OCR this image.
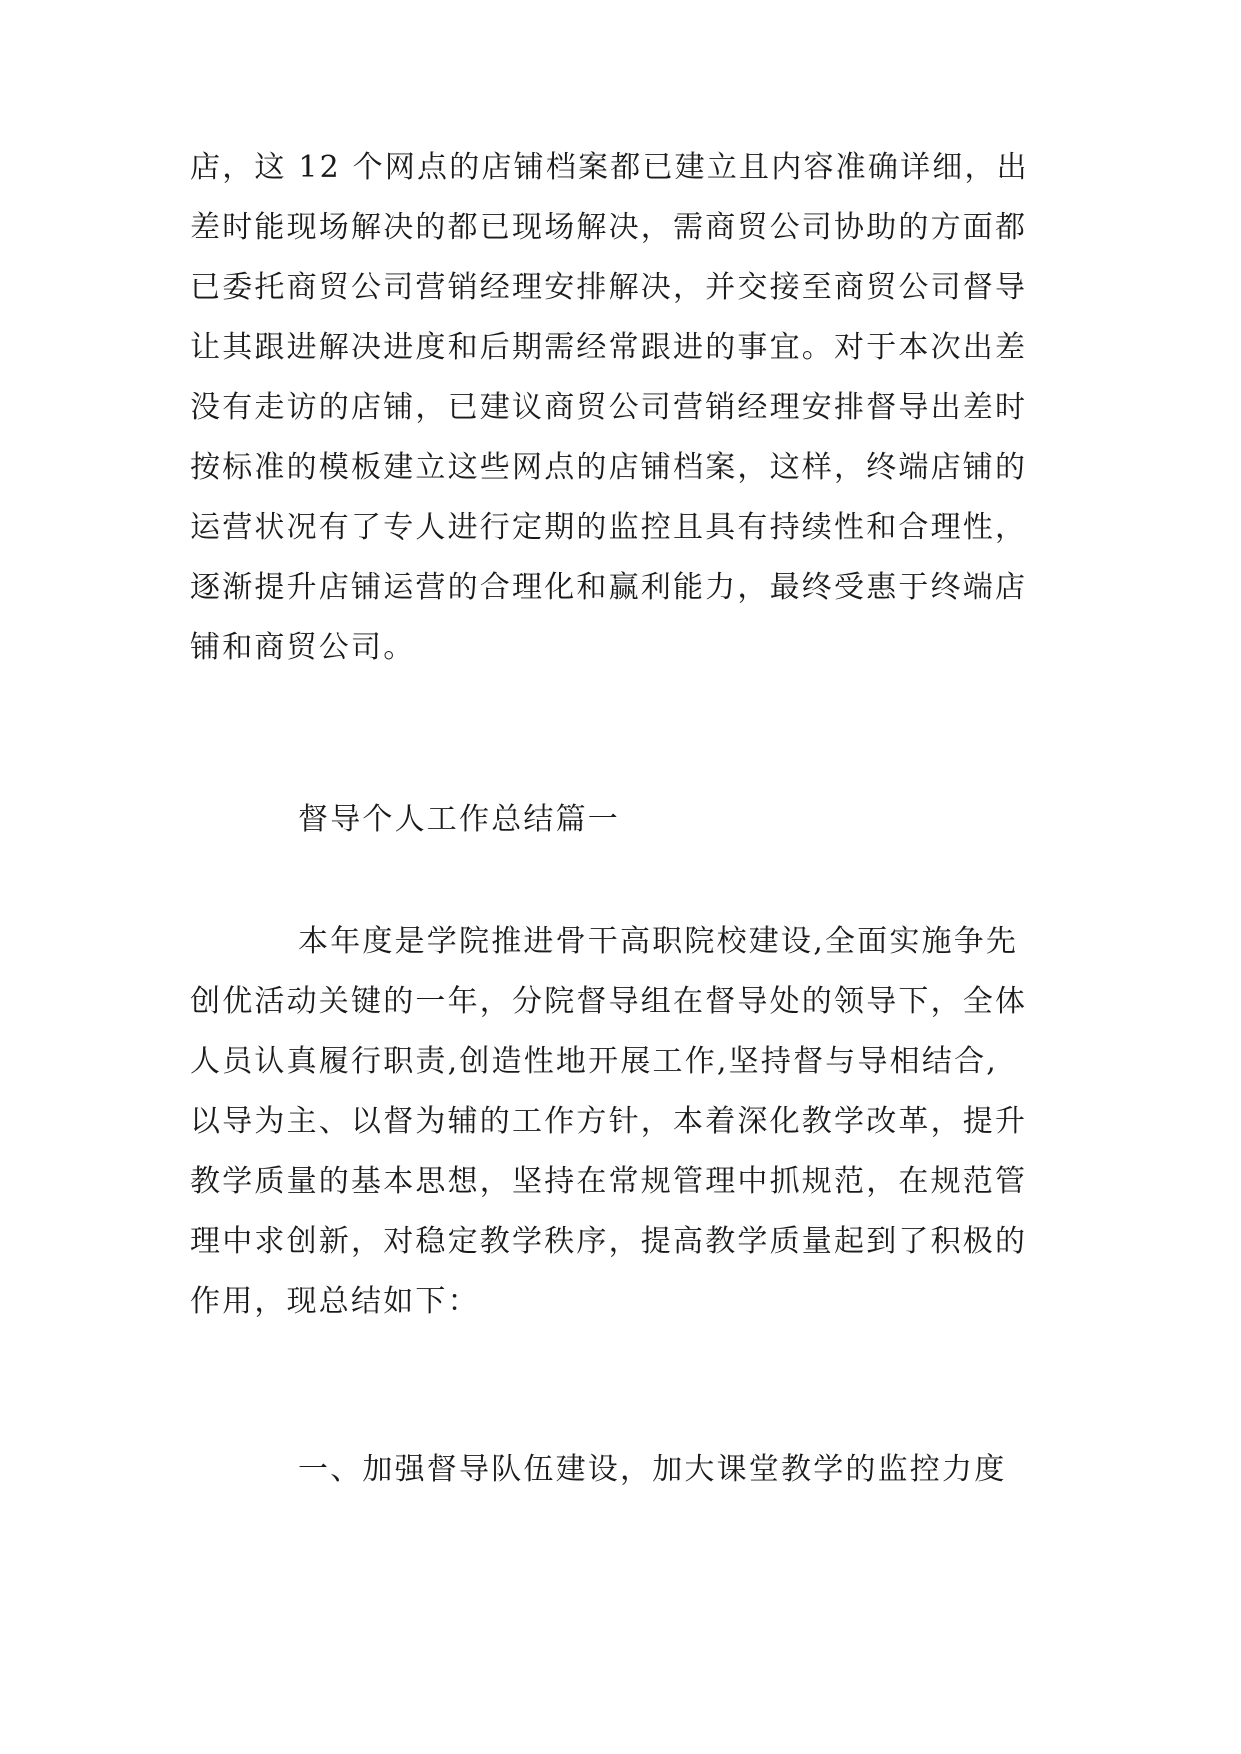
店，这 12 个网点的店铺档案都已建立且内容准确详细，出
差时能现场解决的都已现场解决，需商贸公司协助的方面都
已委托商贸公司营销经理安排解决，并交接至商贸公司督导
让其跟进解决进度和后期需经常跟进的事宜。对于本次出差
没有走访的店铺，已建议商贸公司营销经理安排督导出差时
按标准的模板建立这些网点的店铺档案，这样，终端店铺的
运营状况有了专人进行定期的监控且具有持续性和合理性，
逐渐提升店铺运营的合理化和赢利能力，最终受惠于终端店
铺和商贸公司。
督导个人工作总结篇一
本年度是学院推进骨干高职院校建设,全面实施争先
创优活动关键的一年，分院督导组在督导处的领导下，全体
人员认真履行职责,创造性地开展工作,坚持督与导相结合,
以导为主、以督为辅的工作方针，本着深化教学改革，提升
教学质量的基本思想，坚持在常规管理中抓规范，在规范管
理中求创新，对稳定教学秩序，提高教学质量起到了积极的
作用，现总结如下：
一、加强督导队伍建设，加大课堂教学的监控力度
